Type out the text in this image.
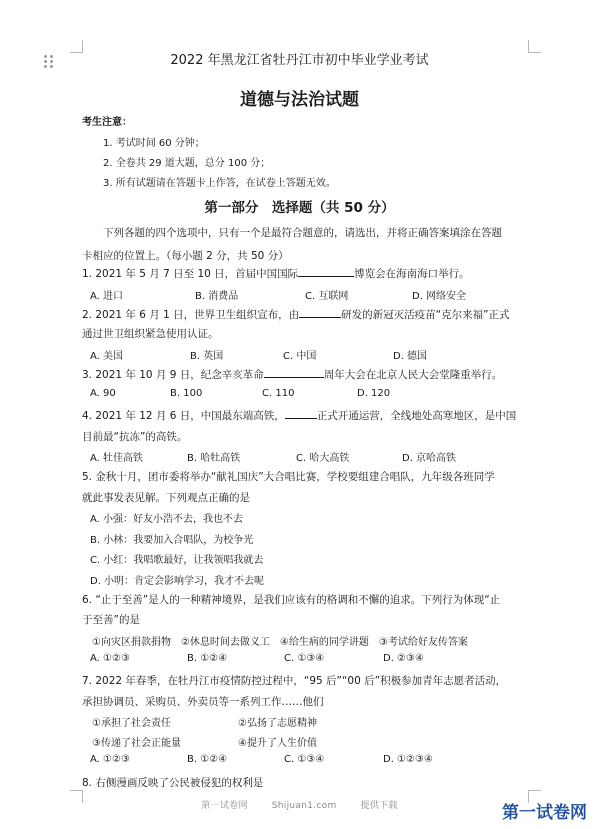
2022 年黑龙江省牡丹江市初中毕业学业考试
道德与法治试题
考生注意：
1. 考试时间 60 分钟；
2. 全卷共 29 道大题，总分 100 分；
3. 所有试题请在答题卡上作答，在试卷上答题无效。
第一部分　选择题（共 50 分）
下列各题的四个选项中，只有一个是最符合题意的，请选出，并将正确答案填涂在答题
卡相应的位置上。（每小题 2 分，共 50 分）
1. 2021 年 5 月 7 日至 10 日，首届中国国际	博览会在海南海口举行。
A. 进口	B. 消费品	C. 互联网	D. 网络安全
2. 2021 年 6 月 1 日，世界卫生组织宣布，由	研发的新冠灭活疫苗“克尔来福”正式
通过世卫组织紧急使用认证。
A. 美国	B. 英国	C. 中国	D. 德国
3. 2021 年 10 月 9 日，纪念辛亥革命	周年大会在北京人民大会堂隆重举行。
A. 90	B. 100	C. 110	D. 120
4. 2021 年 12 月 6 日，中国最东端高铁，	正式开通运营，全线地处高寒地区，是中国
目前最“抗冻”的高铁。
A. 牡佳高铁	B. 哈牡高铁	C. 哈大高铁	D. 京哈高铁
5. 金秋十月，团市委将举办“献礼国庆”大合唱比赛，学校要组建合唱队，九年级各班同学
就此事发表见解。下列观点正确的是
A. 小强：好友小浩不去，我也不去
B. 小林：我要加入合唱队，为校争光
C. 小红：我唱歌最好，让我领唱我就去
D. 小明：肯定会影响学习，我才不去呢
6. “止于至善”是人的一种精神境界，是我们应该有的格调和不懈的追求。下列行为体现“止
于至善”的是
①向灾区捐款捐物　②休息时间去做义工　④给生病的同学讲题　③考试给好友传答案
A. ①②③	B. ①②④	C. ①③④	D. ②③④
7. 2022 年春季，在牡丹江市疫情防控过程中，“95 后”“00 后”积极参加青年志愿者活动，
承担协调员、采购员、外卖员等一系列工作……他们
①承担了社会责任	②弘扬了志愿精神
③传递了社会正能量	④提升了人生价值
A. ①②③	B. ①②④	C. ①③④	D. ①②③④
8. 右侧漫画反映了公民被侵犯的权利是
第一试卷网	Shijuan1.com	提供下载	第一试卷网
